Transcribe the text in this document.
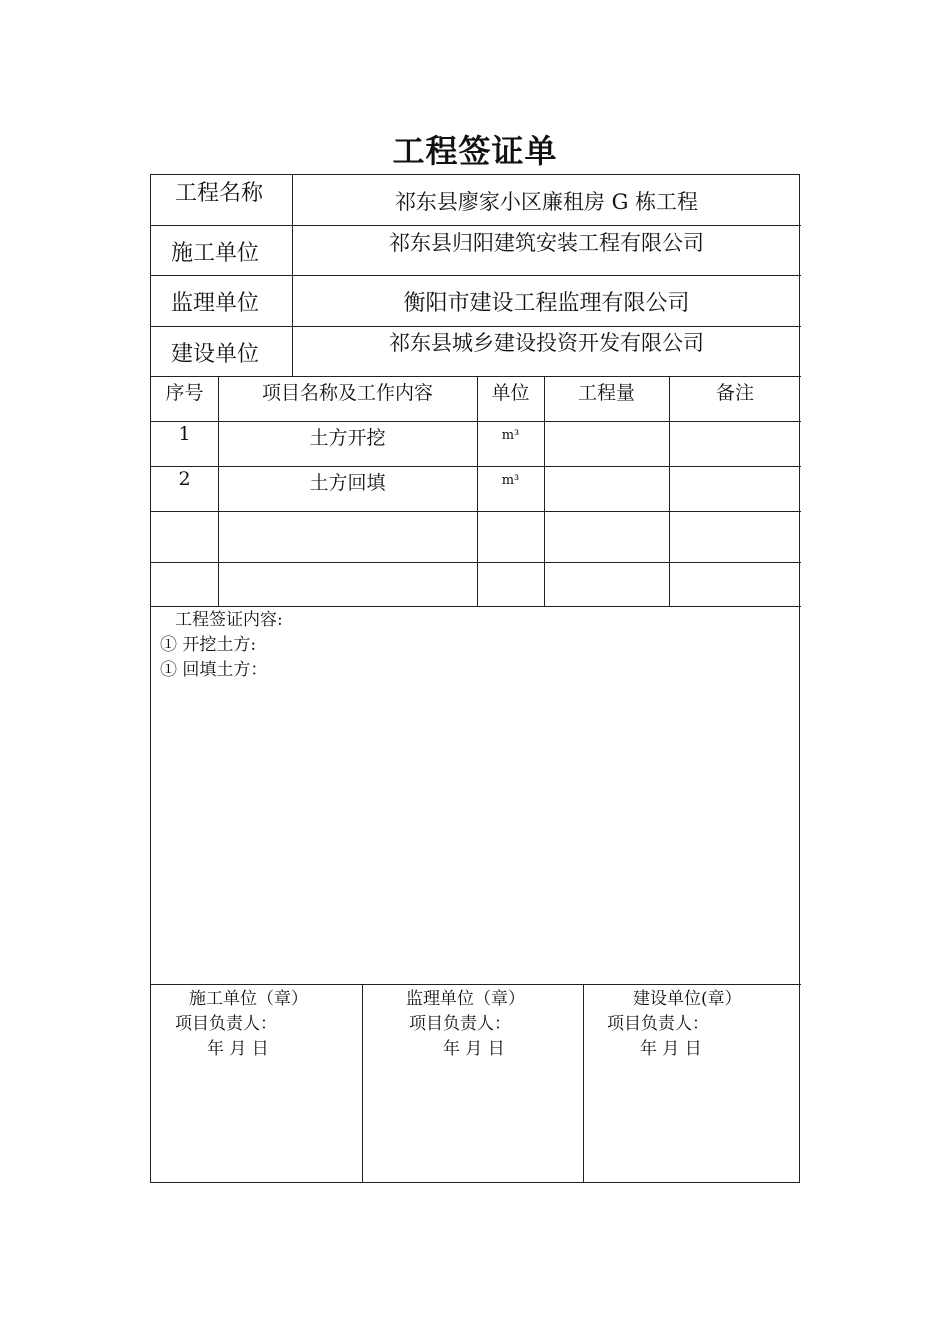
工程签证单
工程名称	祁东县廖家小区廉租房 G 栋工程
施工单位	祁东县归阳建筑安装工程有限公司
监理单位	衡阳市建设工程监理有限公司
建设单位	祁东县城乡建设投资开发有限公司
序号	项目名称及工作内容	单位	工程量	备注
1	土方开挖	m³
2	土方回填	m³
工程签证内容:
① 开挖土方:
① 回填土方：
施工单位（章）
项目负责人：
年 月 日
监理单位（章）
项目负责人：
年 月 日
建设单位(章）
项目负责人：
年 月 日
